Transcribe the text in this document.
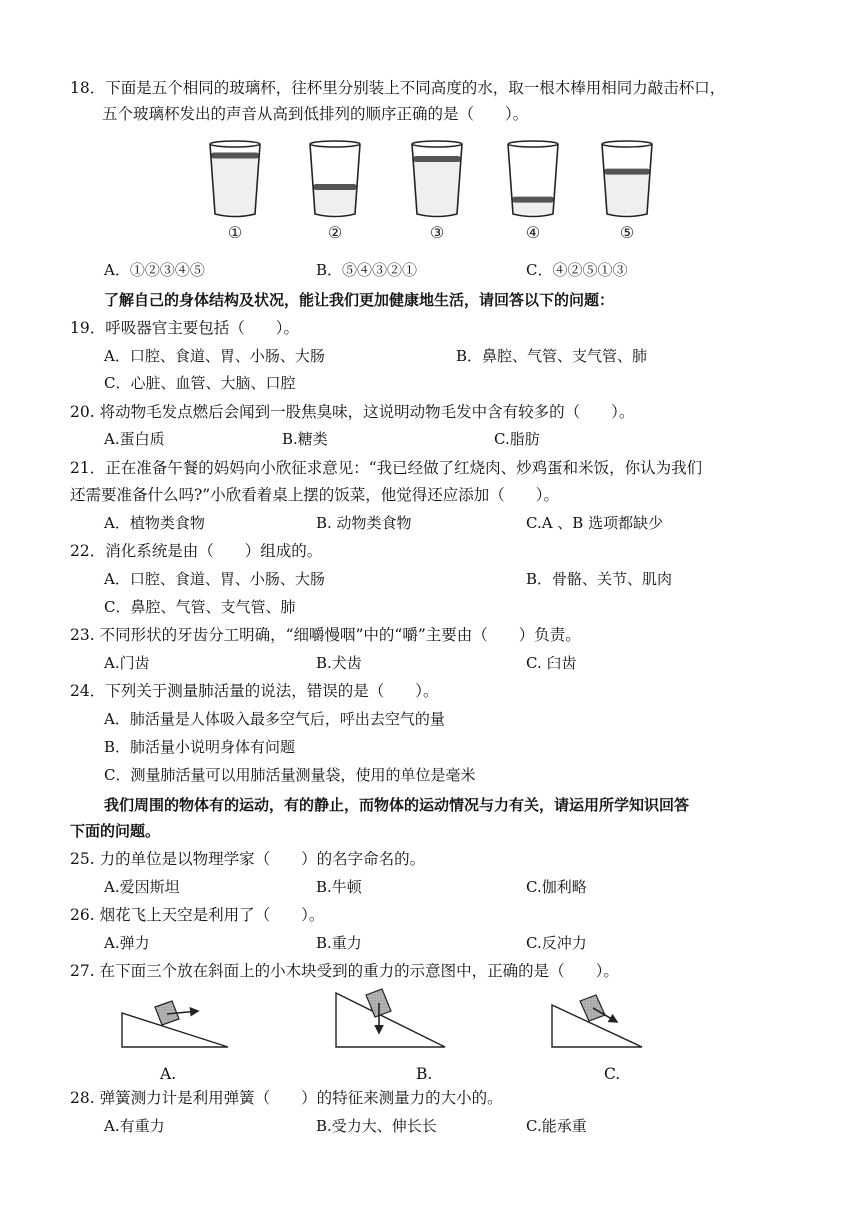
18．下面是五个相同的玻璃杯，往杯里分别装上不同高度的水，取一根木棒用相同力敲击杯口，
五个玻璃杯发出的声音从高到低排列的顺序正确的是（　　）。
①	②	③	④	⑤
A．①②③④⑤	B．⑤④③②①	C．④②⑤①③
了解自己的身体结构及状况，能让我们更加健康地生活，请回答以下的问题：
19．呼吸器官主要包括（　　）。
A．口腔、食道、胃、小肠、大肠	B．鼻腔、气管、支气管、肺
C．心脏、血管、大脑、口腔
20. 将动物毛发点燃后会闻到一股焦臭味，这说明动物毛发中含有较多的（　　）。
A.蛋白质	B.糖类	C.脂肪
21．正在准备午餐的妈妈向小欣征求意见：“我已经做了红烧肉、炒鸡蛋和米饭，你认为我们
还需要准备什么吗?”小欣看着桌上摆的饭菜，他觉得还应添加（　　）。
A．植物类食物	B. 动物类食物	C.A 、B 选项都缺少
22．消化系统是由（　　）组成的。
A．口腔、食道、胃、小肠、大肠	B．骨骼、关节、肌肉
C．鼻腔、气管、支气管、肺
23. 不同形状的牙齿分工明确，“细嚼慢咽”中的“嚼”主要由（　　）负责。
A.门齿	B.犬齿	C. 臼齿
24．下列关于测量肺活量的说法，错误的是（　　）。
A．肺活量是人体吸入最多空气后，呼出去空气的量
B．肺活量小说明身体有问题
C．测量肺活量可以用肺活量测量袋，使用的单位是毫米
我们周围的物体有的运动，有的静止，而物体的运动情况与力有关，请运用所学知识回答
下面的问题。
25. 力的单位是以物理学家（　　）的名字命名的。
A.爱因斯坦	B.牛顿	C.伽利略
26. 烟花飞上天空是利用了（　　）。
A.弹力	B.重力	C.反冲力
27. 在下面三个放在斜面上的小木块受到的重力的示意图中，正确的是（　　）。
A.	B.	C.
28. 弹簧测力计是利用弹簧（　　）的特征来测量力的大小的。
A.有重力	B.受力大、伸长长	C.能承重
